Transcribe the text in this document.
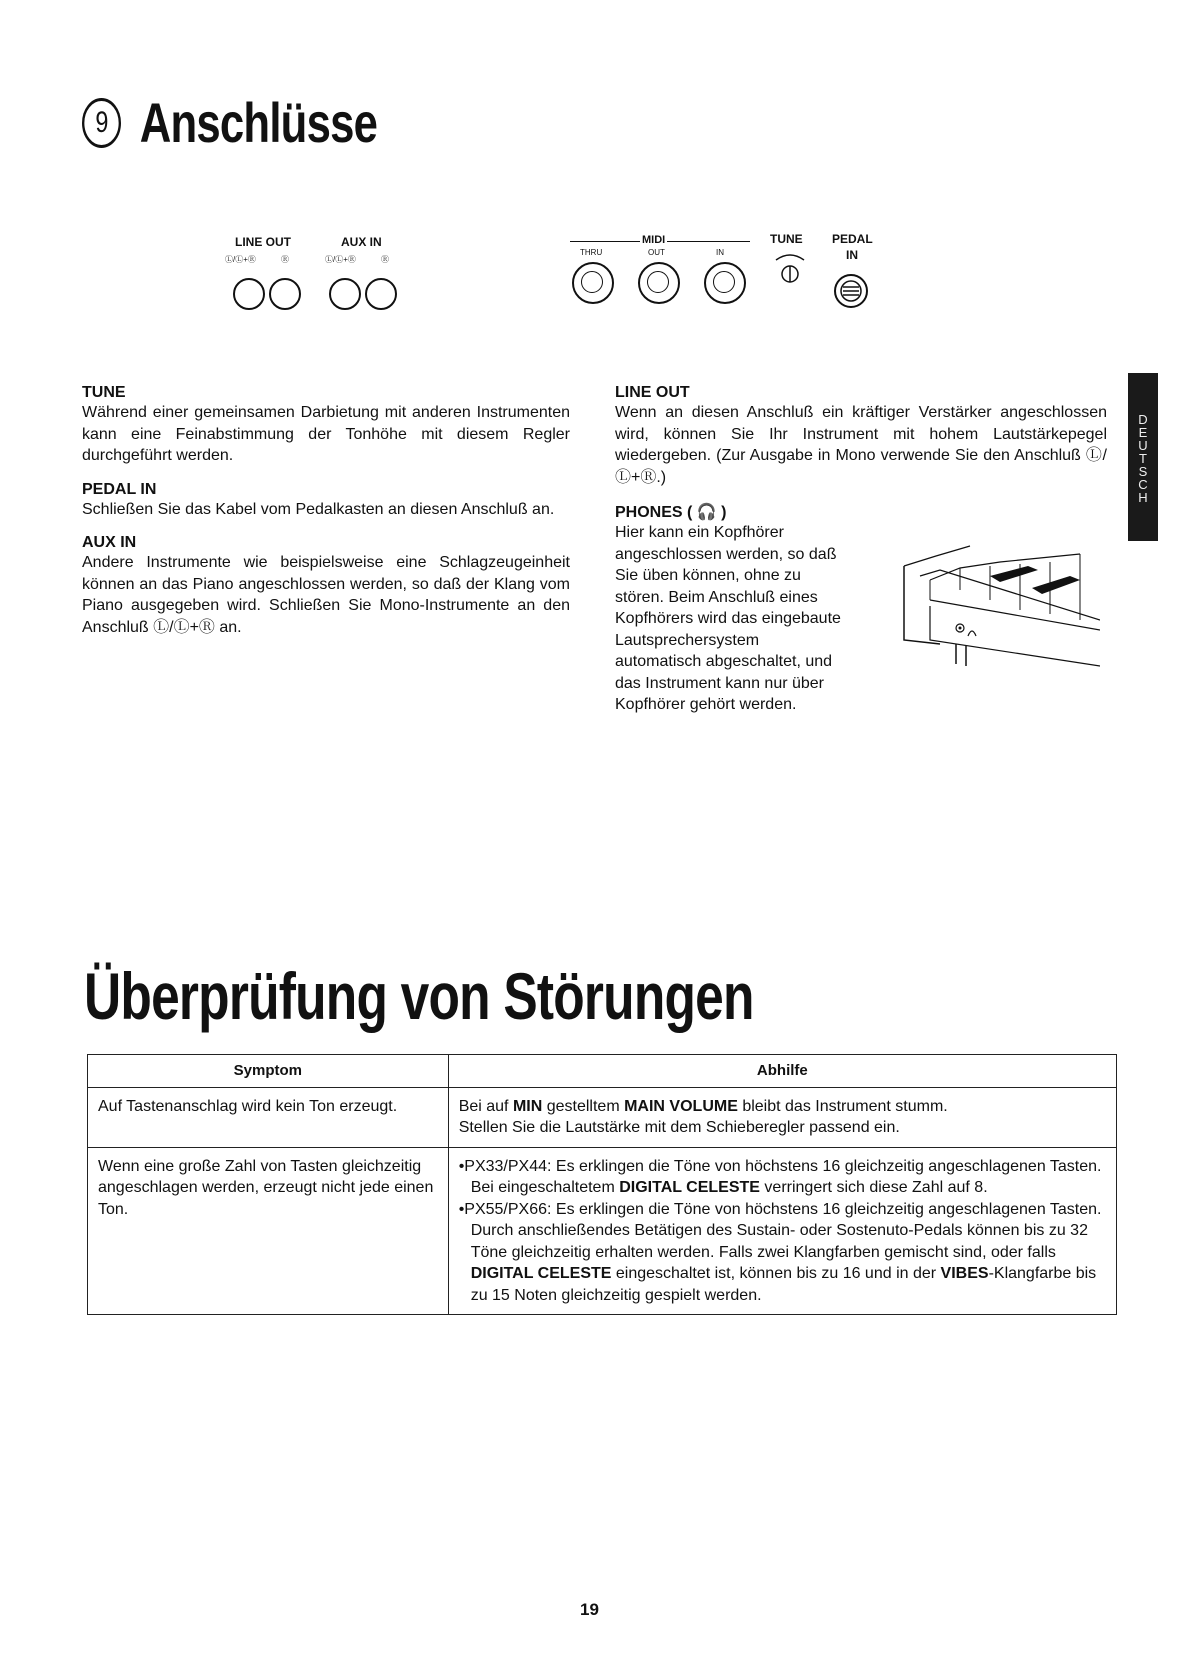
9 Anschlüsse
LINE OUT	AUX IN
Ⓛ/Ⓛ+Ⓡ	Ⓡ	Ⓛ/Ⓛ+Ⓡ	Ⓡ
MIDI
THRU	OUT	IN
TUNE PEDAL
IN
TUNE
Während einer gemeinsamen Darbietung mit anderen Instrumenten kann eine Feinabstimmung der Tonhöhe mit diesem Regler durchgeführt werden.
PEDAL IN
Schließen Sie das Kabel vom Pedalkasten an diesen Anschluß an.
AUX IN
Andere Instrumente wie beispielsweise eine Schlagzeugeinheit können an das Piano angeschlossen werden, so daß der Klang vom Piano ausgegeben wird. Schließen Sie Mono-Instrumente an den Anschluß Ⓛ/Ⓛ+Ⓡ an.
LINE OUT
Wenn an diesen Anschluß ein kräftiger Verstärker angeschlossen wird, können Sie Ihr Instrument mit hohem Lautstärkepegel wiedergeben. (Zur Ausgabe in Mono verwende Sie den Anschluß Ⓛ/Ⓛ+Ⓡ.)
PHONES ( 🎧 )
Hier kann ein Kopfhörer
angeschlossen werden, so daß
Sie üben können, ohne zu
stören. Beim Anschluß eines
Kopfhörers wird das eingebaute
Lautsprechersystem
automatisch abgeschaltet, und
das Instrument kann nur über
Kopfhörer gehört werden.
D
E
U
T
S
C
H
Überprüfung von Störungen
Symptom	Abhilfe
Auf Tastenanschlag wird kein Ton erzeugt.	Bei auf MIN gestelltem MAIN VOLUME bleibt das Instrument stumm.
Stellen Sie die Lautstärke mit dem Schieberegler passend ein.

Wenn eine große Zahl von Tasten gleichzeitig angeschlagen werden, erzeugt nicht jede einen Ton.	•PX33/PX44: Es erklingen die Töne von höchstens 16 gleichzeitig angeschlagenen Tasten. Bei eingeschaltetem DIGITAL CELESTE verringert sich diese Zahl auf 8.
•PX55/PX66: Es erklingen die Töne von höchstens 16 gleichzeitig angeschlagenen Tasten. Durch anschließendes Betätigen des Sustain- oder Sostenuto-Pedals können bis zu 32 Töne gleichzeitig erhalten werden. Falls zwei Klangfarben gemischt sind, oder falls DIGITAL CELESTE eingeschaltet ist, können bis zu 16 und in der VIBES-Klangfarbe bis zu 15 Noten gleichzeitig gespielt werden.
19
